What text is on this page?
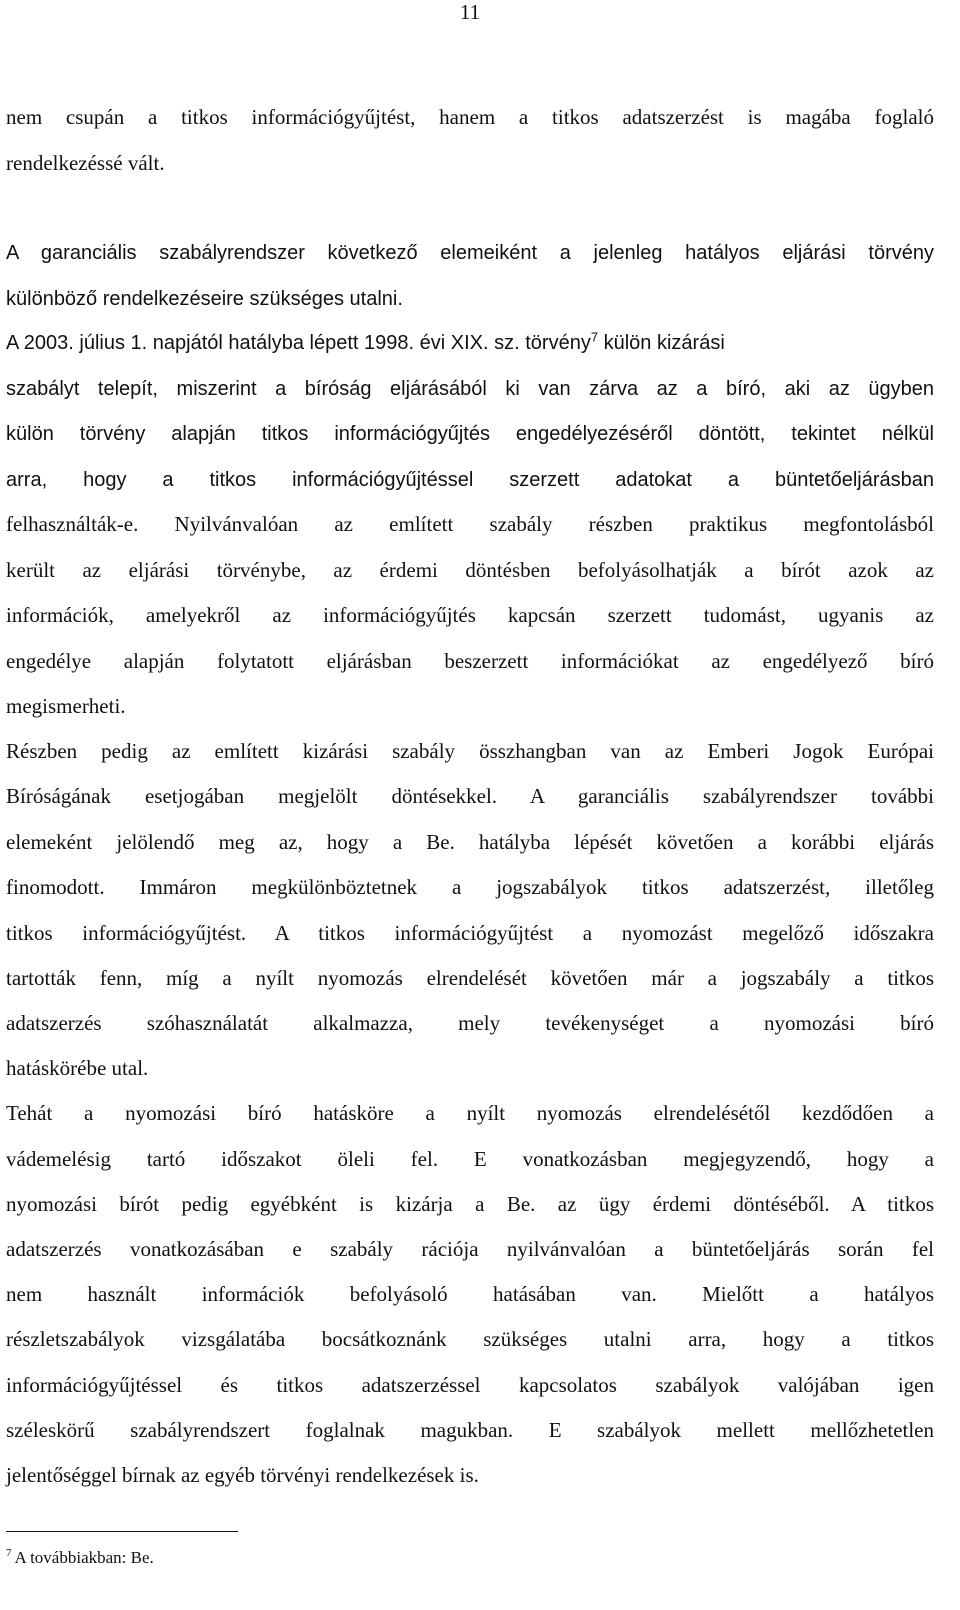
11
nem csupán a titkos információgyűjtést, hanem a titkos adatszerzést is magába foglaló
rendelkezéssé vált.
A garanciális szabályrendszer következő elemeiként a jelenleg hatályos eljárási törvény
különböző rendelkezéseire szükséges utalni.
A 2003. július 1. napjától hatályba lépett 1998. évi XIX. sz. törvény$^7$ külön kizárási
szabályt telepít, miszerint a bíróság eljárásából ki van zárva az a bíró, aki az ügyben
külön törvény alapján titkos információgyűjtés engedélyezéséről döntött, tekintet nélkül
arra, hogy a titkos információgyűjtéssel szerzett adatokat a büntetőeljárásban
felhasználták-e. Nyilvánvalóan az említett szabály részben praktikus megfontolásból
került az eljárási törvénybe, az érdemi döntésben befolyásolhatják a bírót azok az
információk, amelyekről az információgyűjtés kapcsán szerzett tudomást, ugyanis az
engedélye alapján folytatott eljárásban beszerzett információkat az engedélyező bíró
megismerheti.
Részben pedig az említett kizárási szabály összhangban van az Emberi Jogok Európai
Bíróságának esetjogában megjelölt döntésekkel. A garanciális szabályrendszer további
elemeként jelölendő meg az, hogy a Be. hatályba lépését követően a korábbi eljárás
finomodott. Immáron megkülönböztetnek a jogszabályok titkos adatszerzést, illetőleg
titkos információgyűjtést. A titkos információgyűjtést a nyomozást megelőző időszakra
tartották fenn, míg a nyílt nyomozás elrendelését követően már a jogszabály a titkos
adatszerzés szóhasználatát alkalmazza, mely tevékenységet a nyomozási bíró
hatáskörébe utal.
Tehát a nyomozási bíró hatásköre a nyílt nyomozás elrendelésétől kezdődően a
vádemelésig tartó időszakot öleli fel. E vonatkozásban megjegyzendő, hogy a
nyomozási bírót pedig egyébként is kizárja a Be. az ügy érdemi döntéséből. A titkos
adatszerzés vonatkozásában e szabály rációja nyilvánvalóan a büntetőeljárás során fel
nem használt információk befolyásoló hatásában van. Mielőtt a hatályos
részletszabályok vizsgálatába bocsátkoznánk szükséges utalni arra, hogy a titkos
információgyűjtéssel és titkos adatszerzéssel kapcsolatos szabályok valójában igen
széleskörű szabályrendszert foglalnak magukban. E szabályok mellett mellőzhetetlen
jelentőséggel bírnak az egyéb törvényi rendelkezések is.
$^7$ A továbbiakban: Be.
